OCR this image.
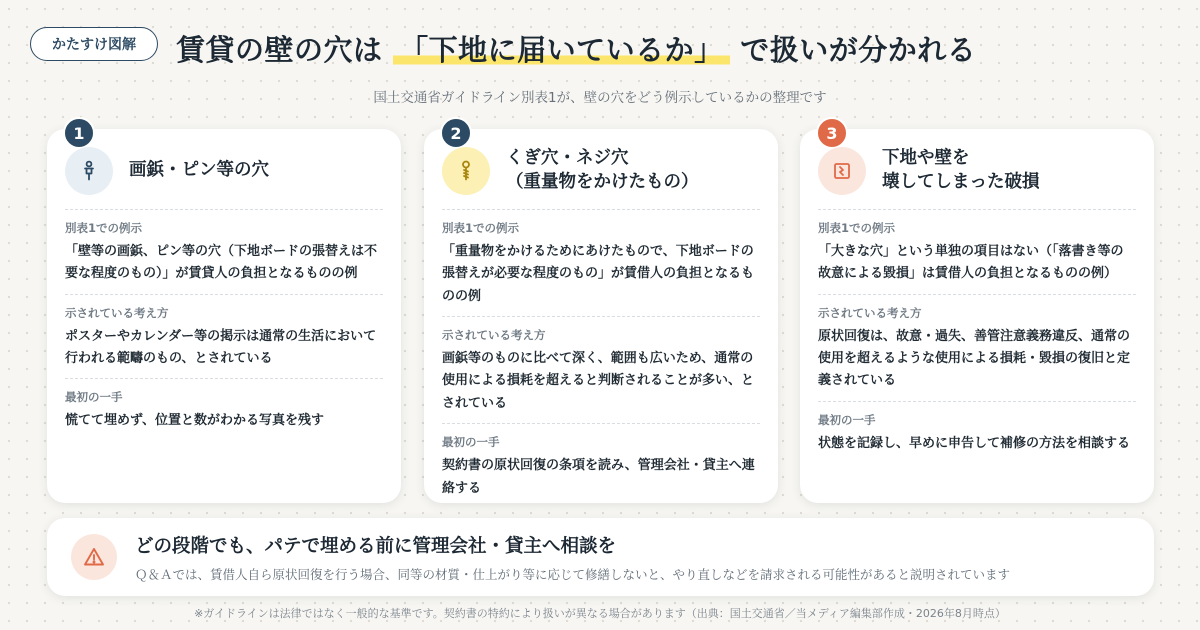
かたすけ図解	賃貸の壁の穴は 「下地に届いているか」 で扱いが分かれる
国土交通省ガイドライン別表1が、壁の穴をどう例示しているかの整理です
1
画鋲・ピン等の穴
別表1での例示
「壁等の画鋲、ピン等の穴（下地ボードの張替えは不要な程度のもの）」が賃貸人の負担となるものの例
示されている考え方
ポスターやカレンダー等の掲示は通常の生活において行われる範疇のもの、とされている
最初の一手
慌てて埋めず、位置と数がわかる写真を残す
2
くぎ穴・ネジ穴
（重量物をかけたもの）
別表1での例示
「重量物をかけるためにあけたもので、下地ボードの張替えが必要な程度のもの」が賃借人の負担となるものの例
示されている考え方
画鋲等のものに比べて深く、範囲も広いため、通常の使用による損耗を超えると判断されることが多い、とされている
最初の一手
契約書の原状回復の条項を読み、管理会社・貸主へ連絡する
3
下地や壁を
壊してしまった破損
別表1での例示
「大きな穴」という単独の項目はない（「落書き等の故意による毀損」は賃借人の負担となるものの例）
示されている考え方
原状回復は、故意・過失、善管注意義務違反、通常の使用を超えるような使用による損耗・毀損の復旧と定義されている
最初の一手
状態を記録し、早めに申告して補修の方法を相談する
どの段階でも、パテで埋める前に管理会社・貸主へ相談を
Ｑ＆Ａでは、賃借人自ら原状回復を行う場合、同等の材質・仕上がり等に応じて修繕しないと、やり直しなどを請求される可能性があると説明されています
※ガイドラインは法律ではなく一般的な基準です。契約書の特約により扱いが異なる場合があります（出典：国土交通省／当メディア編集部作成・2026年8月時点）
